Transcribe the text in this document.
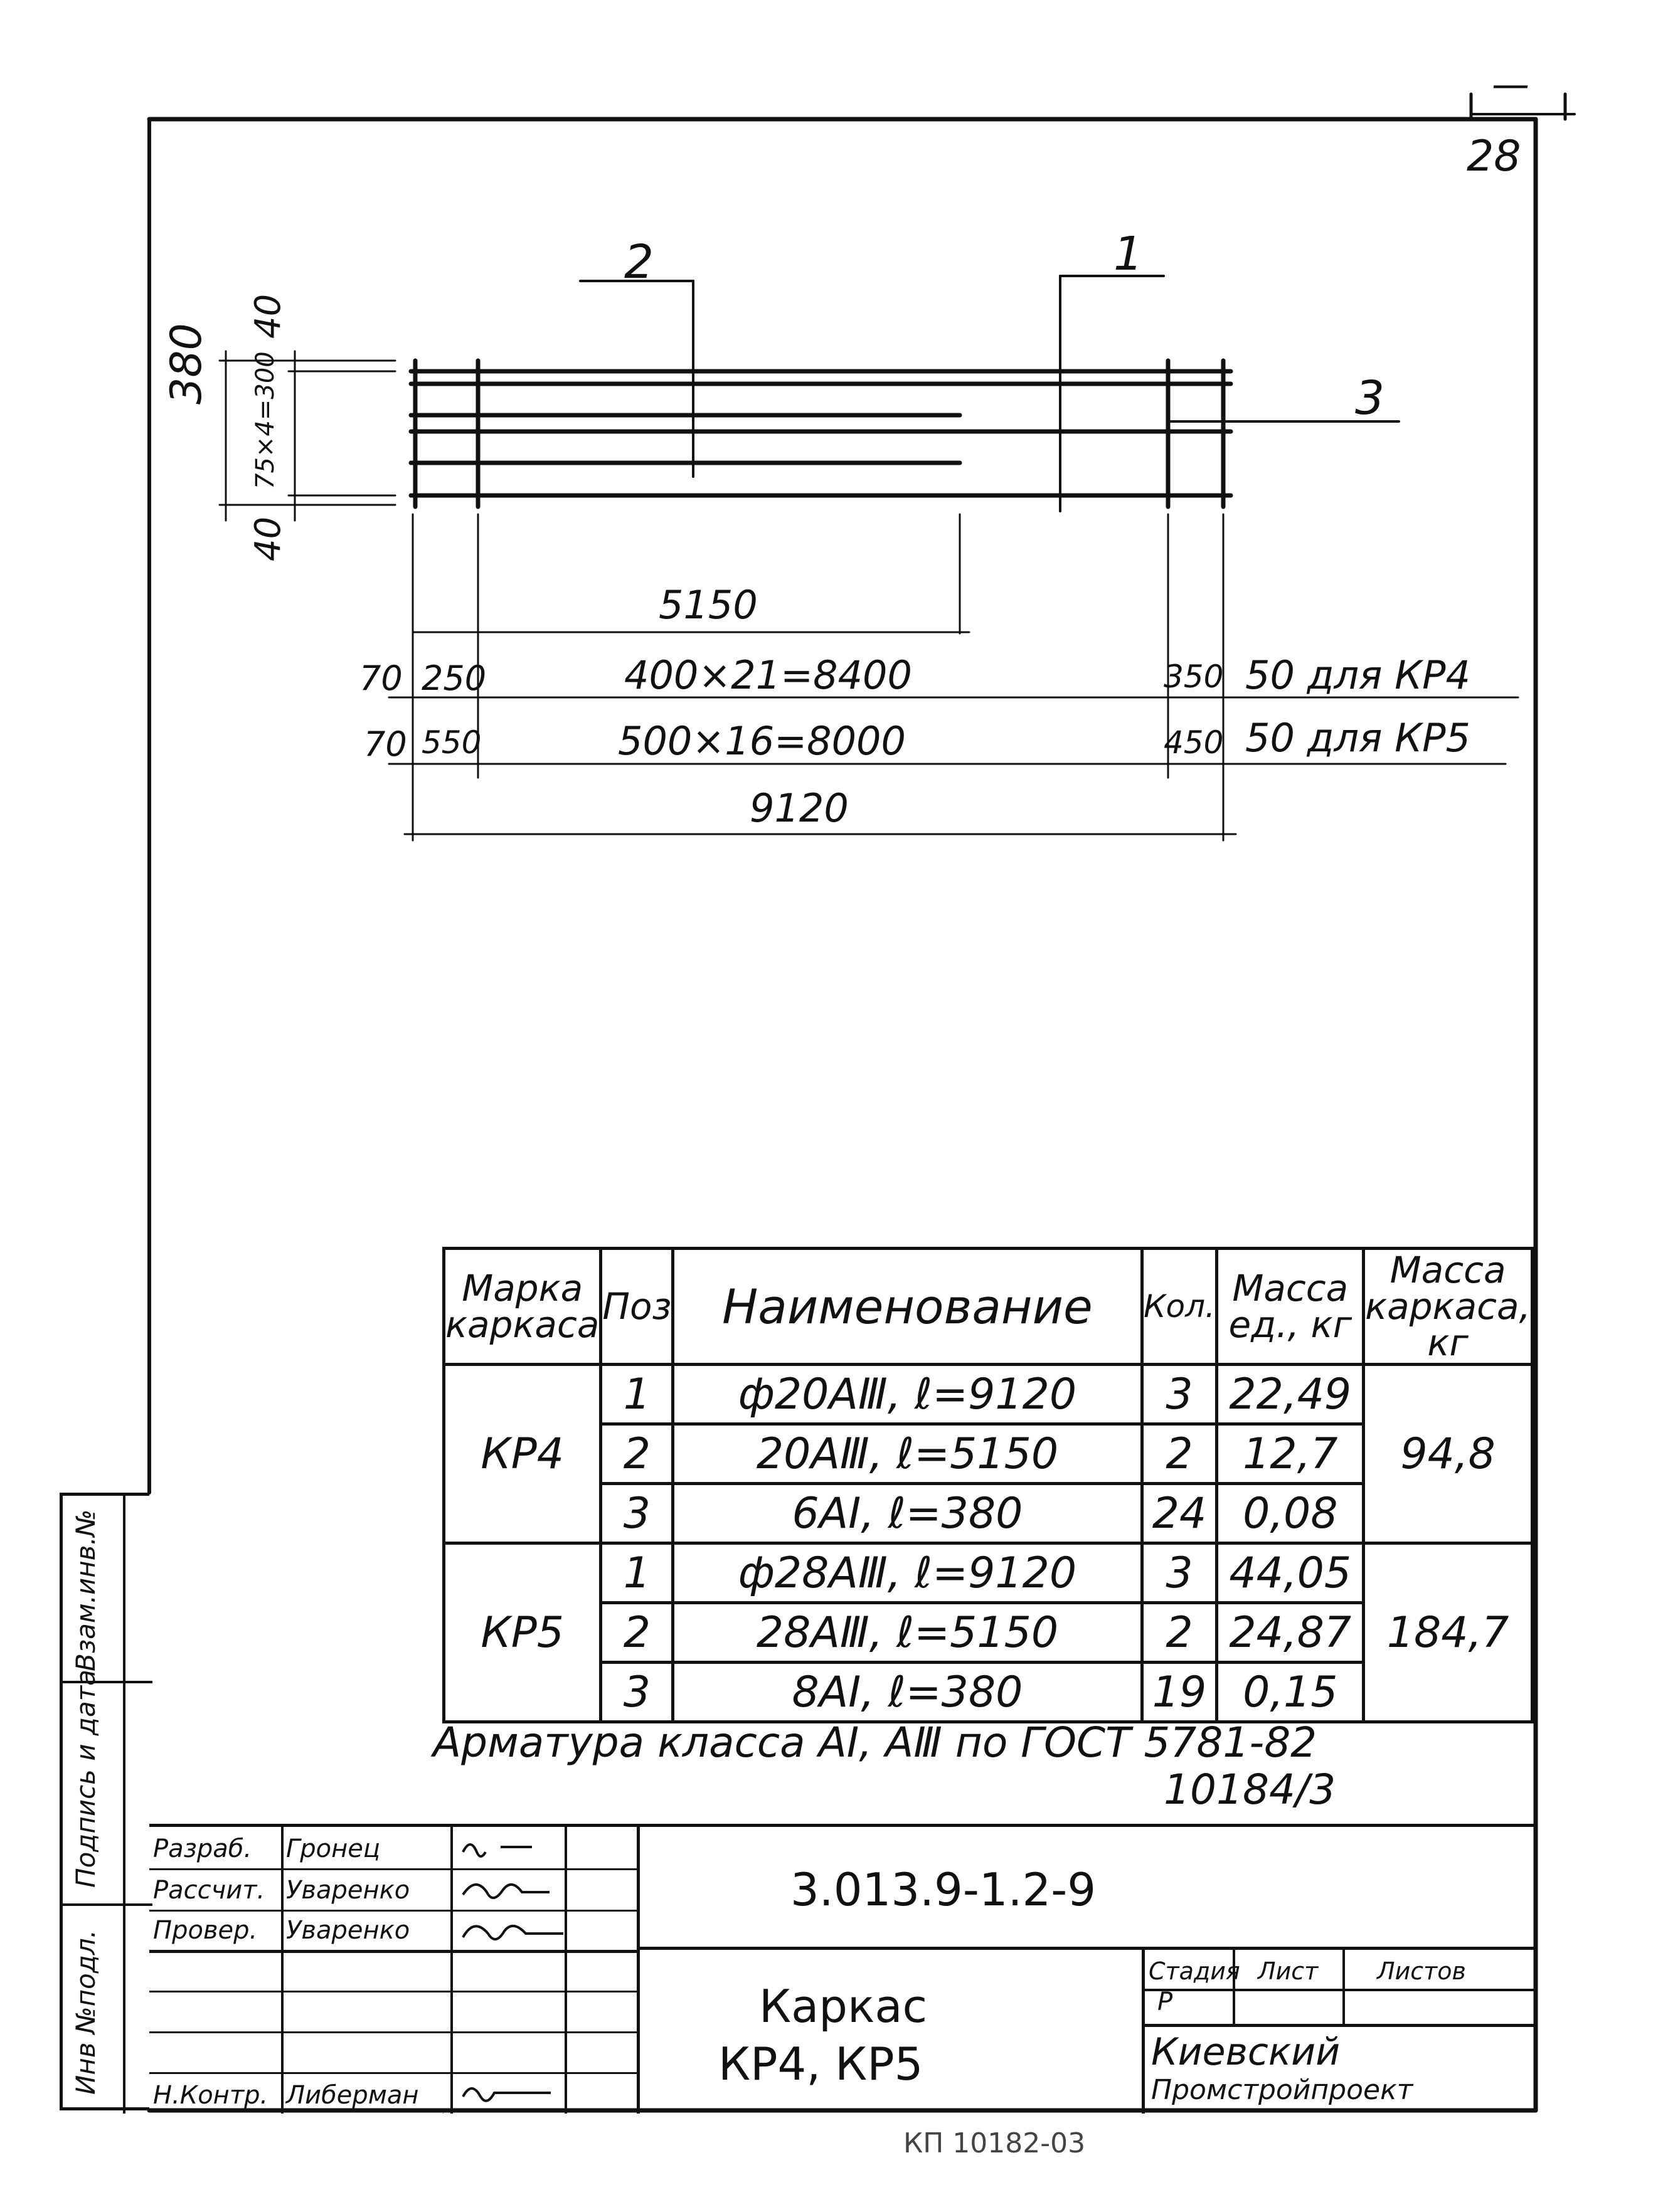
28
—
2	1
3
380
40
40
75×4=300
5150
70 250	400×21=8400	350 50 для КР4
70 550	500×16=8000	450 50 для КР5
9120
Марка каркаса	Поз	Наименование	Кол.	Масса ед., кг	Масса каркаса, кг
КР4	1	ф20АⅢ, ℓ=9120	3	22,49	94,8
	2	20АⅢ, ℓ=5150	2	12,7	
	3	6АⅠ, ℓ=380	24	0,08	
КР5	1	ф28АⅢ, ℓ=9120	3	44,05	184,7
	2	28АⅢ, ℓ=5150	2	24,87	
	3	8АⅠ, ℓ=380	19	0,15	
Арматура класса АⅠ, АⅢ по ГОСТ 5781-82
10184/3
Инв №подл.
Подпись и дата
Взам.инв.№
Разраб. Гронец
Рассчит. Уваренко
Провер. Уваренко
Н.Контр. Либерман
3.013.9-1.2-9
Каркас
КР4, КР5
Стадия Лист Листов
Р
Киевский
Промстройпроект
КП 10182-03
